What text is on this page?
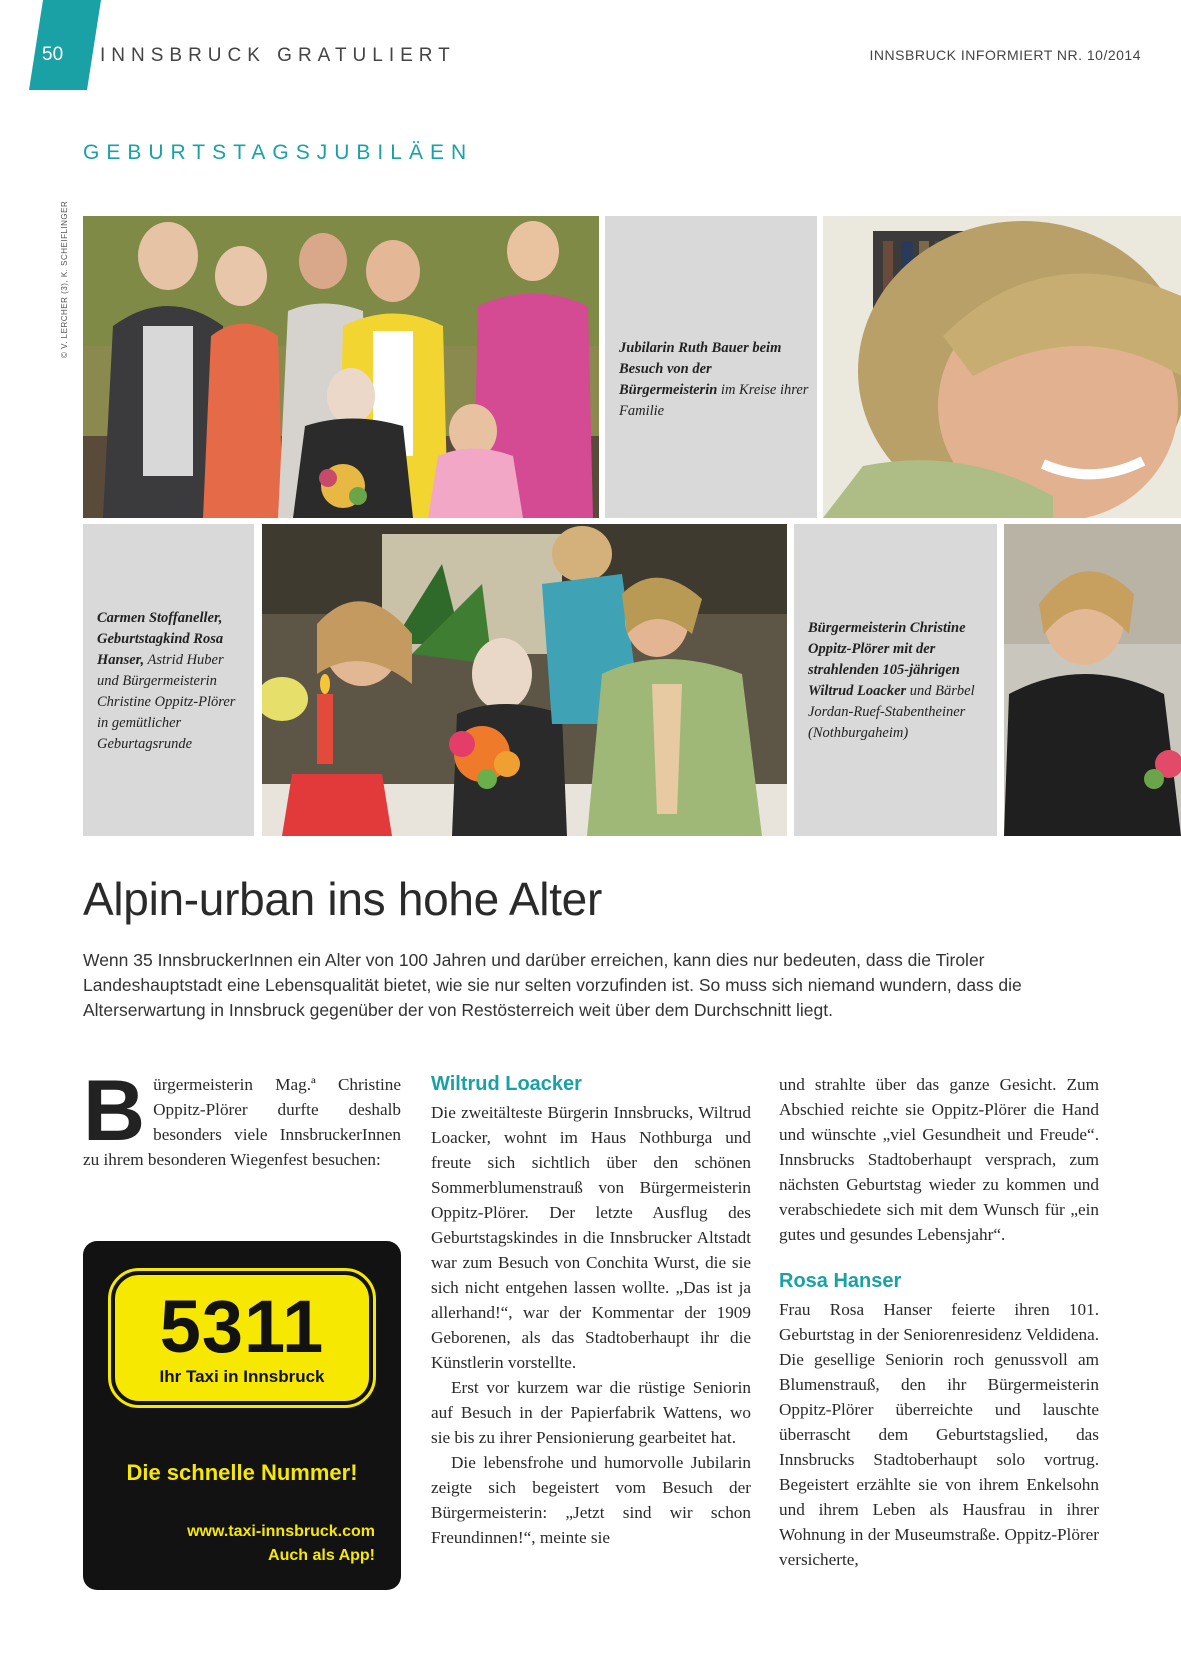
50 INNSBRUCK GRATULIERT	INNSBRUCK INFORMIERT NR. 10/2014
GEBURTSTAGSJUBILÄEN
© V. LERCHER (3), K. SCHEIFLINGER	Jubilarin Ruth Bauer beim Besuch von der Bürgermeisterin im Kreise ihrer Familie
Carmen Stoffaneller, Geburtstagkind Rosa Hanser, Astrid Huber und Bürgermeisterin Christine Oppitz-Plörer in gemütlicher Geburtagsrunde
Bürgermeisterin Christine Oppitz-Plörer mit der strahlenden 105-jährigen Wiltrud Loacker und Bärbel Jordan-Ruef-Stabentheiner (Nothburgaheim)
Alpin-urban ins hohe Alter

Wenn 35 InnsbruckerInnen ein Alter von 100 Jahren und darüber erreichen, kann dies nur bedeuten, dass die Tiroler Landeshauptstadt eine Lebensqualität bietet, wie sie nur selten vorzufinden ist. So muss sich niemand wundern, dass die Alterserwartung in Innsbruck gegenüber der von Restösterreich weit über dem Durchschnitt liegt.

Bürgermeisterin Mag.ª Christine Oppitz-Plörer durfte deshalb besonders viele InnsbruckerInnen zu ihrem besonderen Wiegenfest besuchen:

5311
Ihr Taxi in Innsbruck
Die schnelle Nummer!
www.taxi-innsbruck.com
Auch als App!
Wiltrud Loacker

Die zweitälteste Bürgerin Innsbrucks, Wiltrud Loacker, wohnt im Haus Nothburga und freute sich sichtlich über den schönen Sommerblumenstrauß von Bürgermeisterin Oppitz-Plörer. Der letzte Ausflug des Geburtstagskindes in die Innsbrucker Altstadt war zum Besuch von Conchita Wurst, die sie sich nicht entgehen lassen wollte. „Das ist ja allerhand!“, war der Kommentar der 1909 Geborenen, als das Stadtoberhaupt ihr die Künstlerin vorstellte.

Erst vor kurzem war die rüstige Seniorin auf Besuch in der Papierfabrik Wattens, wo sie bis zu ihrer Pensionierung gearbeitet hat.

Die lebensfrohe und humorvolle Jubilarin zeigte sich begeistert vom Besuch der Bürgermeisterin: „Jetzt sind wir schon Freundinnen!“, meinte sie

und strahlte über das ganze Gesicht. Zum Abschied reichte sie Oppitz-Plörer die Hand und wünschte „viel Gesundheit und Freude“. Innsbrucks Stadtoberhaupt versprach, zum nächsten Geburtstag wieder zu kommen und verabschiedete sich mit dem Wunsch für „ein gutes und gesundes Lebensjahr“.

Rosa Hanser

Frau Rosa Hanser feierte ihren 101. Geburtstag in der Seniorenresidenz Veldidena. Die gesellige Seniorin roch genussvoll am Blumenstrauß, den ihr Bürgermeisterin Oppitz-Plörer überreichte und lauschte überrascht dem Geburtstagslied, das Innsbrucks Stadtoberhaupt solo vortrug. Begeistert erzählte sie von ihrem Enkelsohn und ihrem Leben als Hausfrau in ihrer Wohnung in der Museumstraße. Oppitz-Plörer versicherte,
